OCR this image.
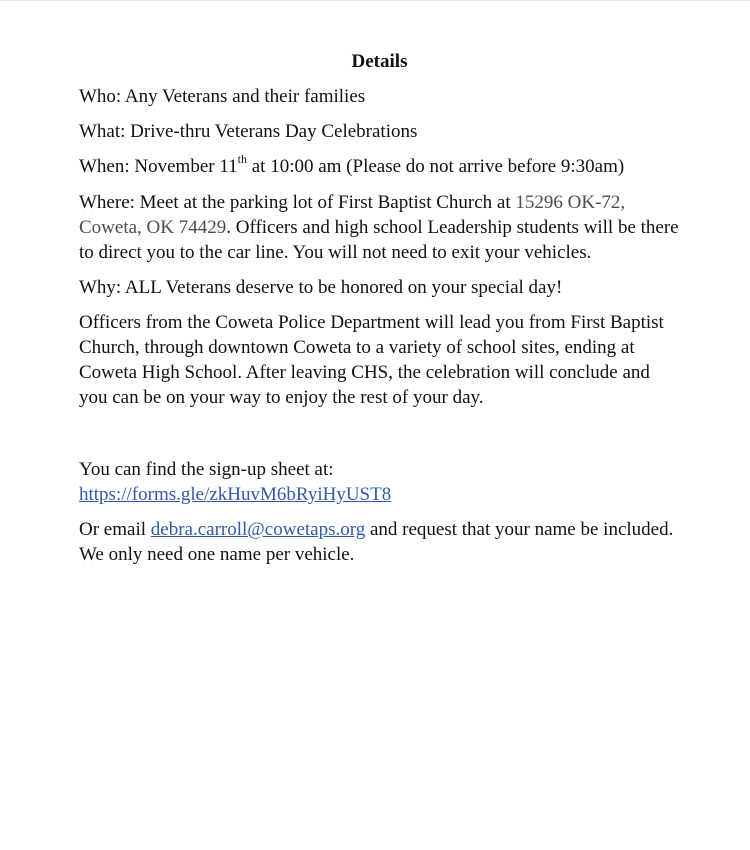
Details
Who: Any Veterans and their families
What: Drive-thru Veterans Day Celebrations
When: November 11th at 10:00 am (Please do not arrive before 9:30am)
Where: Meet at the parking lot of First Baptist Church at 15296 OK-72, Coweta, OK 74429. Officers and high school Leadership students will be there to direct you to the car line. You will not need to exit your vehicles.
Why: ALL Veterans deserve to be honored on your special day!
Officers from the Coweta Police Department will lead you from First Baptist Church, through downtown Coweta to a variety of school sites, ending at Coweta High School. After leaving CHS, the celebration will conclude and you can be on your way to enjoy the rest of your day.
You can find the sign-up sheet at:
https://forms.gle/zkHuvM6bRyiHyUST8
Or email debra.carroll@cowetaps.org and request that your name be included. We only need one name per vehicle.
